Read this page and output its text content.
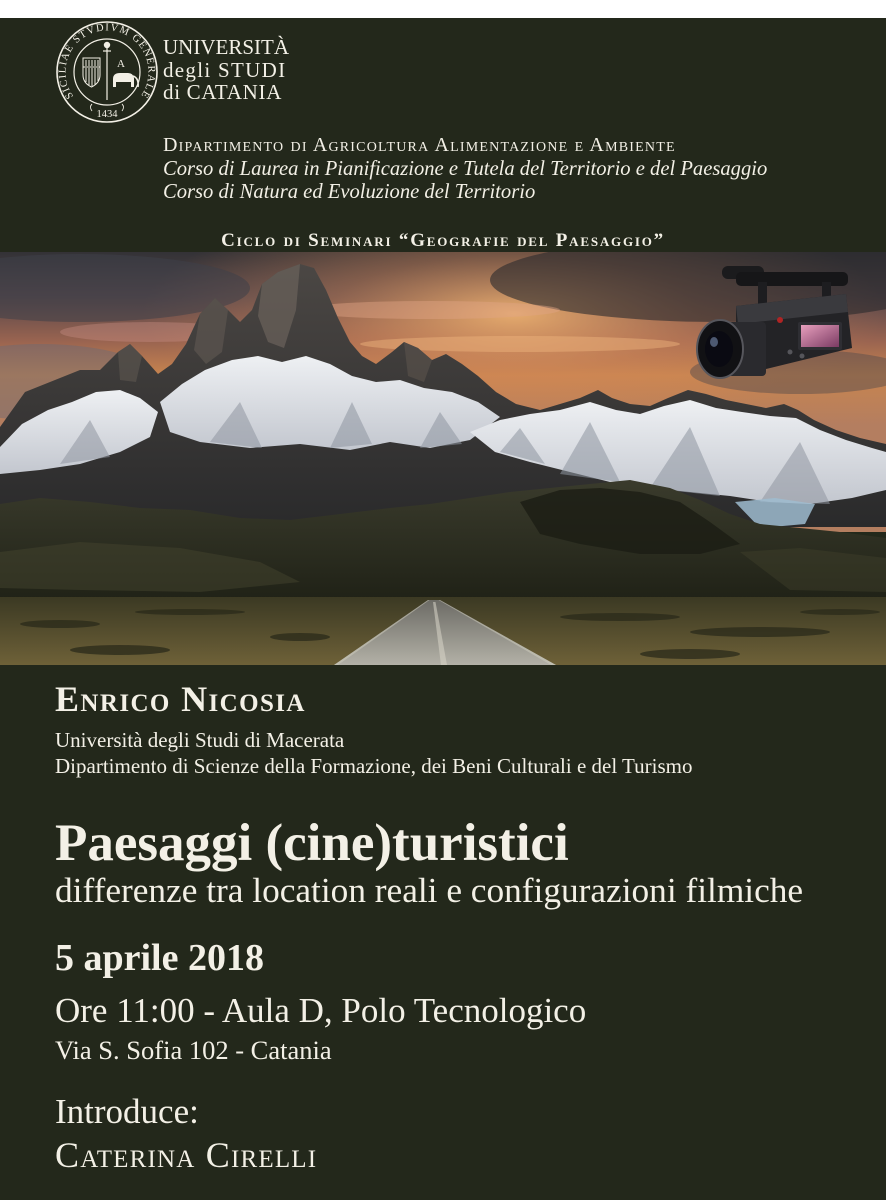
SICILIAE STVDIVM GENERALE
1434
A

UNIVERSITÀ

degli STUDI

di CATANIA

Dipartimento di Agricoltura Alimentazione e Ambiente

Corso di Laurea in Pianificazione e Tutela del Territorio e del Paesaggio

Corso di Natura ed Evoluzione del Territorio

Ciclo di Seminari “Geografie del Paesaggio”

Enrico Nicosia

Università degli Studi di Macerata

Dipartimento di Scienze della Formazione, dei Beni Culturali e del Turismo

Paesaggi (cine)turistici

differenze tra location reali e configurazioni filmiche

5 aprile 2018

Ore 11:00 - Aula D, Polo Tecnologico

Via S. Sofia 102 - Catania

Introduce:

Caterina Cirelli
